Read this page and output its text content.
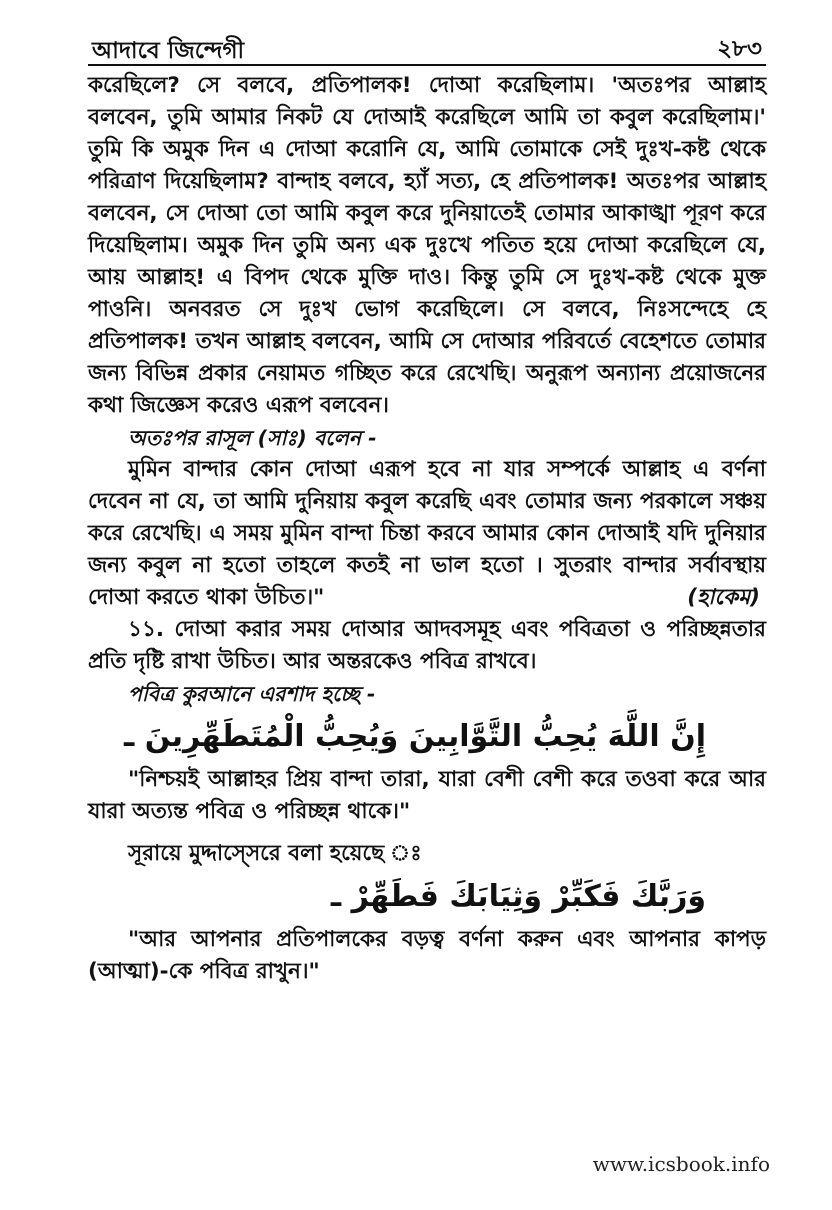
আদাবে জিন্দেগী	২৮৩

করেছিলে? সে বলবে, প্রতিপালক! দোআ করেছিলাম। 'অতঃপর আল্লাহ বলবেন, তুমি আমার নিকট যে দোআই করেছিলে আমি তা কবুল করেছিলাম।' তুমি কি অমুক দিন এ দোআ করোনি যে, আমি তোমাকে সেই দুঃখ-কষ্ট থেকে পরিত্রাণ দিয়েছিলাম? বান্দাহ বলবে, হ্যাঁ সত্য, হে প্রতিপালক! অতঃপর আল্লাহ বলবেন, সে দোআ তো আমি কবুল করে দুনিয়াতেই তোমার আকাঙ্খা পূরণ করে দিয়েছিলাম। অমুক দিন তুমি অন্য এক দুঃখে পতিত হয়ে দোআ করেছিলে যে, আয় আল্লাহ! এ বিপদ থেকে মুক্তি দাও। কিন্তু তুমি সে দুঃখ-কষ্ট থেকে মুক্ত পাওনি। অনবরত সে দুঃখ ভোগ করেছিলে। সে বলবে, নিঃসন্দেহে হে প্রতিপালক! তখন আল্লাহ বলবেন, আমি সে দোআর পরিবর্তে বেহেশতে তোমার জন্য বিভিন্ন প্রকার নেয়ামত গচ্ছিত করে রেখেছি। অনুরূপ অন্যান্য প্রয়োজনের কথা জিজ্ঞেস করেও এরূপ বলবেন।

অতঃপর রাসূল (সাঃ) বলেন -

মুমিন বান্দার কোন দোআ এরূপ হবে না যার সম্পর্কে আল্লাহ এ বর্ণনা দেবেন না যে, তা আমি দুনিয়ায় কবুল করেছি এবং তোমার জন্য পরকালে সঞ্চয় করে রেখেছি। এ সময় মুমিন বান্দা চিন্তা করবে আমার কোন দোআই যদি দুনিয়ার জন্য কবুল না হতো তাহলে কতই না ভাল হতো । সুতরাং বান্দার সর্বাবস্থায় দোআ করতে থাকা উচিত।"	(হাকেম)

১১. দোআ করার সময় দোআর আদবসমূহ এবং পবিত্রতা ও পরিচ্ছন্নতার প্রতি দৃষ্টি রাখা উচিত। আর অন্তরকেও পবিত্র রাখবে।

পবিত্র কুরআনে এরশাদ হচ্ছে -

إِنَّ اللَّهَ يُحِبُّ التَّوَّابِينَ وَيُحِبُّ الْمُتَطَهِّرِينَ ـ

"নিশ্চয়ই আল্লাহর প্রিয় বান্দা তারা, যারা বেশী বেশী করে তওবা করে আর যারা অত্যন্ত পবিত্র ও পরিচ্ছন্ন থাকে।"

সূরায়ে মুদ্দাস্সেরে বলা হয়েছে ঃ

وَرَبَّكَ فَكَبِّرْ وَثِيَابَكَ فَطَهِّرْ ـ

"আর আপনার প্রতিপালকের বড়ত্ব বর্ণনা করুন এবং আপনার কাপড় (আত্মা)-কে পবিত্র রাখুন।"

www.icsbook.info
